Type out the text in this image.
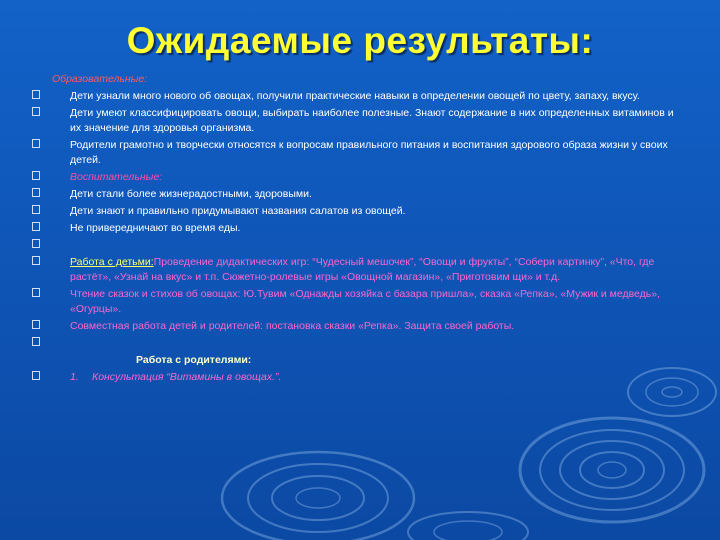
Ожидаемые результаты:
Образовательные:
Дети узнали много нового об овощах, получили практические навыки в определении овощей по цвету, запаху, вкусу.
Дети умеют классифицировать овощи, выбирать наиболее полезные. Знают содержание в них определенных витаминов и их значение для здоровья организма.
Родители грамотно и творчески относятся к вопросам правильного питания и воспитания здорового образа жизни у своих детей.
Воспитательные:
Дети стали более жизнерадостными, здоровыми.
Дети знают и правильно придумывают названия салатов из овощей.
Не привередничают во время еды.

Работа с детьми:Проведение дидактических игр: “Чудесный мешочек”, “Овощи и фрукты”, “Собери картинку”, «Что, где растёт», «Узнай на вкус» и т.п. Сюжетно-ролевые игры «Овощной магазин», «Приготовим щи» и т.д.
Чтение сказок и стихов об овощах: Ю.Тувим «Однажды хозяйка с базара пришла», сказка «Репка», «Мужик и медведь», «Огурцы».
Совместная работа детей и родителей: постановка сказки «Репка». Защита своей работы.

Работа с родителями:
1. Консультация “Витамины в овощах.”.
